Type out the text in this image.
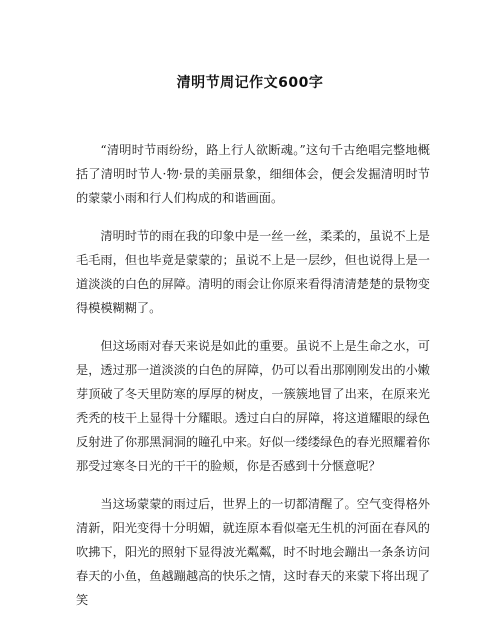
清明节周记作文600字

“清明时节雨纷纷，路上行人欲断魂。”这句千古绝唱完整地概括了清明时节人·物·景的美丽景象，细细体会，便会发掘清明时节的蒙蒙小雨和行人们构成的和谐画面。

清明时节的雨在我的印象中是一丝一丝，柔柔的，虽说不上是毛毛雨，但也毕竟是蒙蒙的；虽说不上是一层纱，但也说得上是一道淡淡的白色的屏障。清明的雨会让你原来看得清清楚楚的景物变得模模糊糊了。

但这场雨对春天来说是如此的重要。虽说不上是生命之水，可是，透过那一道淡淡的白色的屏障，仍可以看出那刚刚发出的小嫩芽顶破了冬天里防寒的厚厚的树皮，一簇簇地冒了出来，在原来光秃秃的枝干上显得十分耀眼。透过白白的屏障，将这道耀眼的绿色反射进了你那黑洞洞的瞳孔中来。好似一缕缕绿色的春光照耀着你那受过寒冬日光的干干的脸颊，你是否感到十分惬意呢？

当这场蒙蒙的雨过后，世界上的一切都清醒了。空气变得格外清新，阳光变得十分明媚，就连原本看似毫无生机的河面在春风的吹拂下，阳光的照射下显得波光粼粼，时不时地会蹦出一条条访问春天的小鱼，鱼越蹦越高的快乐之情，这时春天的来蒙下将出现了笑
